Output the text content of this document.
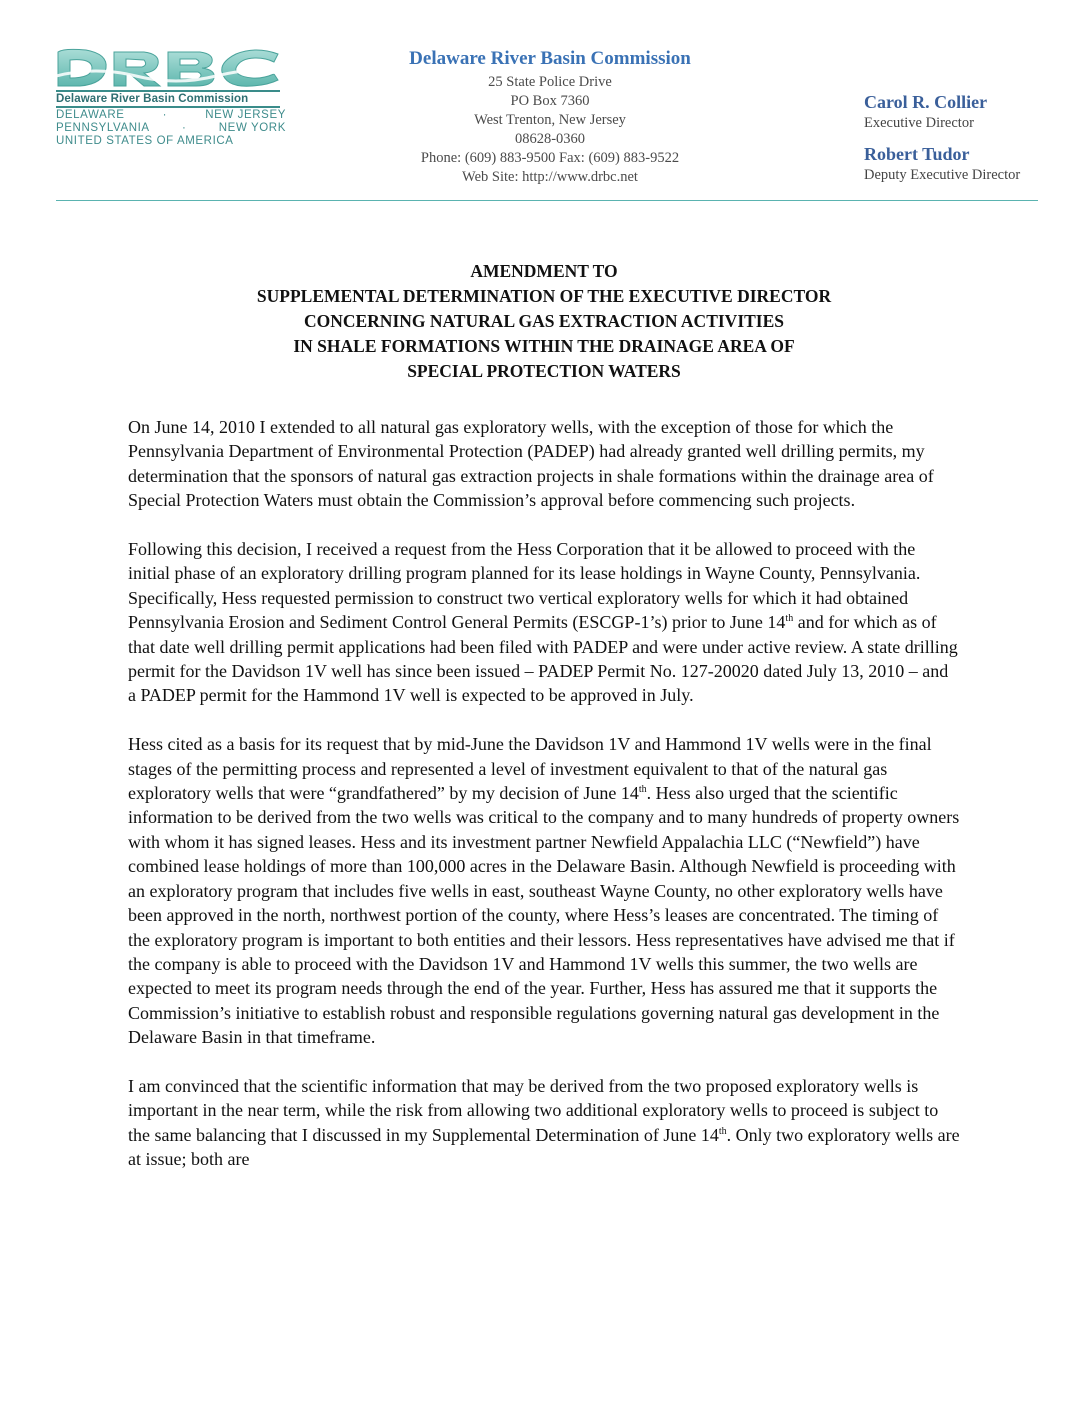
Delaware River Basin Commission
DELAWARE	·	NEW JERSEY
PENNSYLVANIA	·	NEW YORK
UNITED STATES OF AMERICA
Delaware River Basin Commission
25 State Police Drive
PO Box 7360
West Trenton, New Jersey
08628-0360
Phone: (609) 883-9500 Fax: (609) 883-9522
Web Site: http://www.drbc.net
Carol R. Collier
Executive Director
Robert Tudor
Deputy Executive Director
AMENDMENT TO
SUPPLEMENTAL DETERMINATION OF THE EXECUTIVE DIRECTOR
CONCERNING NATURAL GAS EXTRACTION ACTIVITIES
IN SHALE FORMATIONS WITHIN THE DRAINAGE AREA OF
SPECIAL PROTECTION WATERS

On June 14, 2010 I extended to all natural gas exploratory wells, with the exception of those for which the Pennsylvania Department of Environmental Protection (PADEP) had already granted well drilling permits, my determination that the sponsors of natural gas extraction projects in shale formations within the drainage area of Special Protection Waters must obtain the Commission’s approval before commencing such projects.

Following this decision, I received a request from the Hess Corporation that it be allowed to proceed with the initial phase of an exploratory drilling program planned for its lease holdings in Wayne County, Pennsylvania. Specifically, Hess requested permission to construct two vertical exploratory wells for which it had obtained Pennsylvania Erosion and Sediment Control General Permits (ESCGP-1’s) prior to June 14th and for which as of that date well drilling permit applications had been filed with PADEP and were under active review. A state drilling permit for the Davidson 1V well has since been issued – PADEP Permit No. 127-20020 dated July 13, 2010 – and a PADEP permit for the Hammond 1V well is expected to be approved in July.

Hess cited as a basis for its request that by mid-June the Davidson 1V and Hammond 1V wells were in the final stages of the permitting process and represented a level of investment equivalent to that of the natural gas exploratory wells that were “grandfathered” by my decision of June 14th. Hess also urged that the scientific information to be derived from the two wells was critical to the company and to many hundreds of property owners with whom it has signed leases. Hess and its investment partner Newfield Appalachia LLC (“Newfield”) have combined lease holdings of more than 100,000 acres in the Delaware Basin. Although Newfield is proceeding with an exploratory program that includes five wells in east, southeast Wayne County, no other exploratory wells have been approved in the north, northwest portion of the county, where Hess’s leases are concentrated. The timing of the exploratory program is important to both entities and their lessors. Hess representatives have advised me that if the company is able to proceed with the Davidson 1V and Hammond 1V wells this summer, the two wells are expected to meet its program needs through the end of the year. Further, Hess has assured me that it supports the Commission’s initiative to establish robust and responsible regulations governing natural gas development in the Delaware Basin in that timeframe.

I am convinced that the scientific information that may be derived from the two proposed exploratory wells is important in the near term, while the risk from allowing two additional exploratory wells to proceed is subject to the same balancing that I discussed in my Supplemental Determination of June 14th. Only two exploratory wells are at issue; both are
